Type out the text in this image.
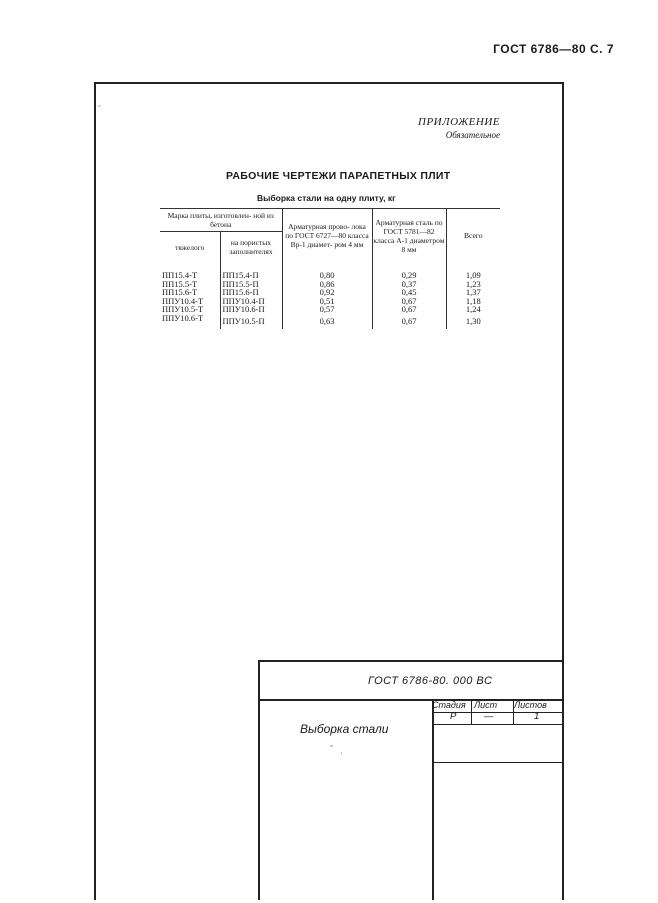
ГОСТ 6786—80 С. 7
ˇ
ПРИЛОЖЕНИЕ
Обязательное
РАБОЧИЕ ЧЕРТЕЖИ ПАРАПЕТНЫХ ПЛИТ
Выборка стали на одну плиту, кг
Марка плиты, изготовлен- ной из бетона		Арматурная прово- лока по ГОСТ 6727—80 класса Вр-1 диамет- ром 4 мм	Арматурная сталь по ГОСТ 5781—82 класса А-1 диаметром 8 мм	Всего
тяжелого	на пористых заполнителях			
ПП15.4-Т	ПП15.4-П	0,80	0,29	1,09
ПП15.5-Т	ПП15.5-П	0,86	0,37	1,23
ПП15.6-Т	ПП15.6-П	0,92	0,45	1,37
ППУ10.4-Т	ППУ10.4-П	0,51	0,67	1,18
ППУ10.5-Т	ППУ10.6-П	0,57	0,67	1,24
ППУ10.6-Т	ППУ10.5-П	0,63	0,67	1,30
ГОСТ 6786-80. 000 ВС
Стадия Лист Листов
Р	—	1
Выборка стали
˜   ˌ
